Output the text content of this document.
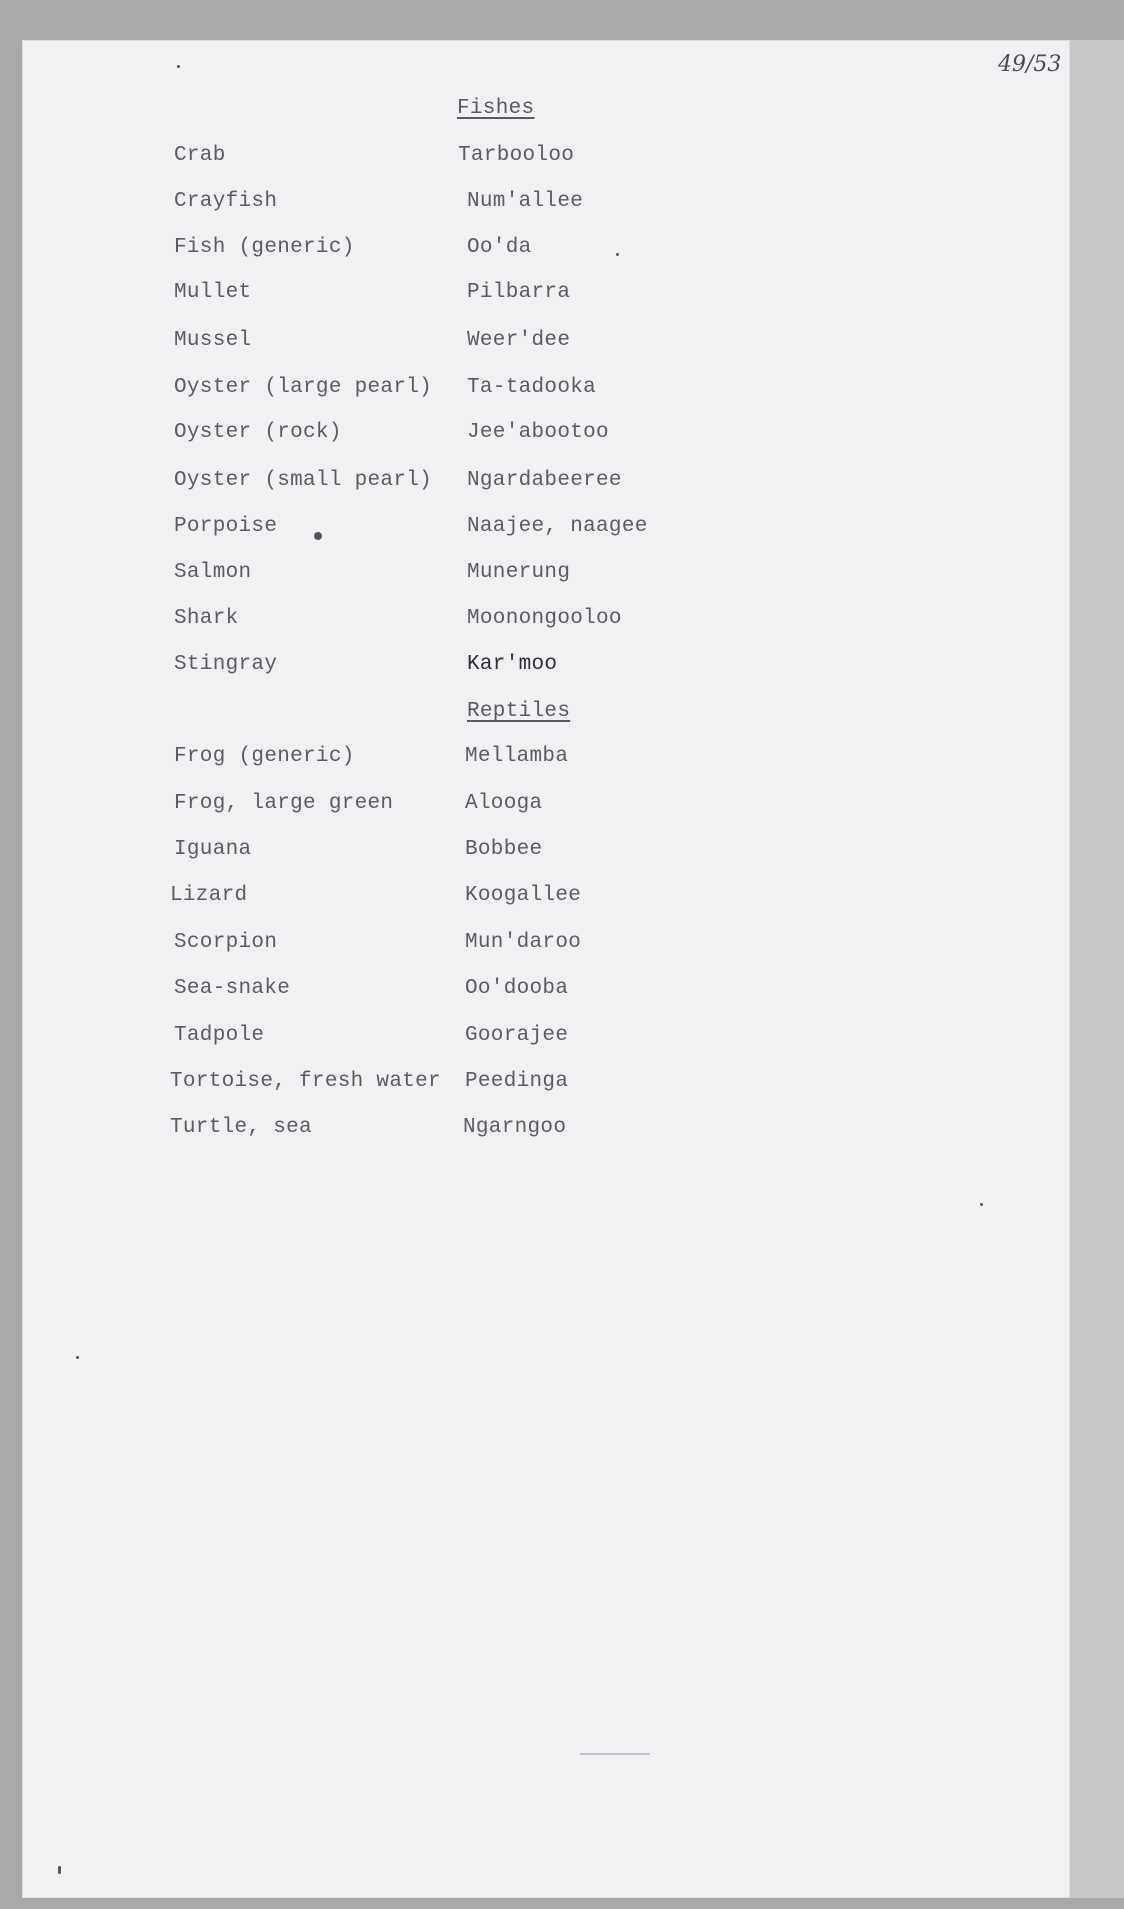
49/53
Fishes
Crab	Tarbooloo
Crayfish	Num'allee
Fish (generic)	Oo'da
Mullet	Pilbarra
Mussel	Weer'dee
Oyster (large pearl) Ta-tadooka
Oyster (rock)	Jee'abootoo
Oyster (small pearl) Ngardabeeree
Porpoise	Naajee, naagee
Salmon	Munerung
Shark	Moonongooloo
Stingray	Kar'moo
Reptiles
Frog (generic)	Mellamba
Frog, large green	Alooga
Iguana	Bobbee
Lizard	Koogallee
Scorpion	Mun'daroo
Sea-snake	Oo'dooba
Tadpole	Goorajee
Tortoise, fresh water Peedinga
Turtle, sea	Ngarngoo
